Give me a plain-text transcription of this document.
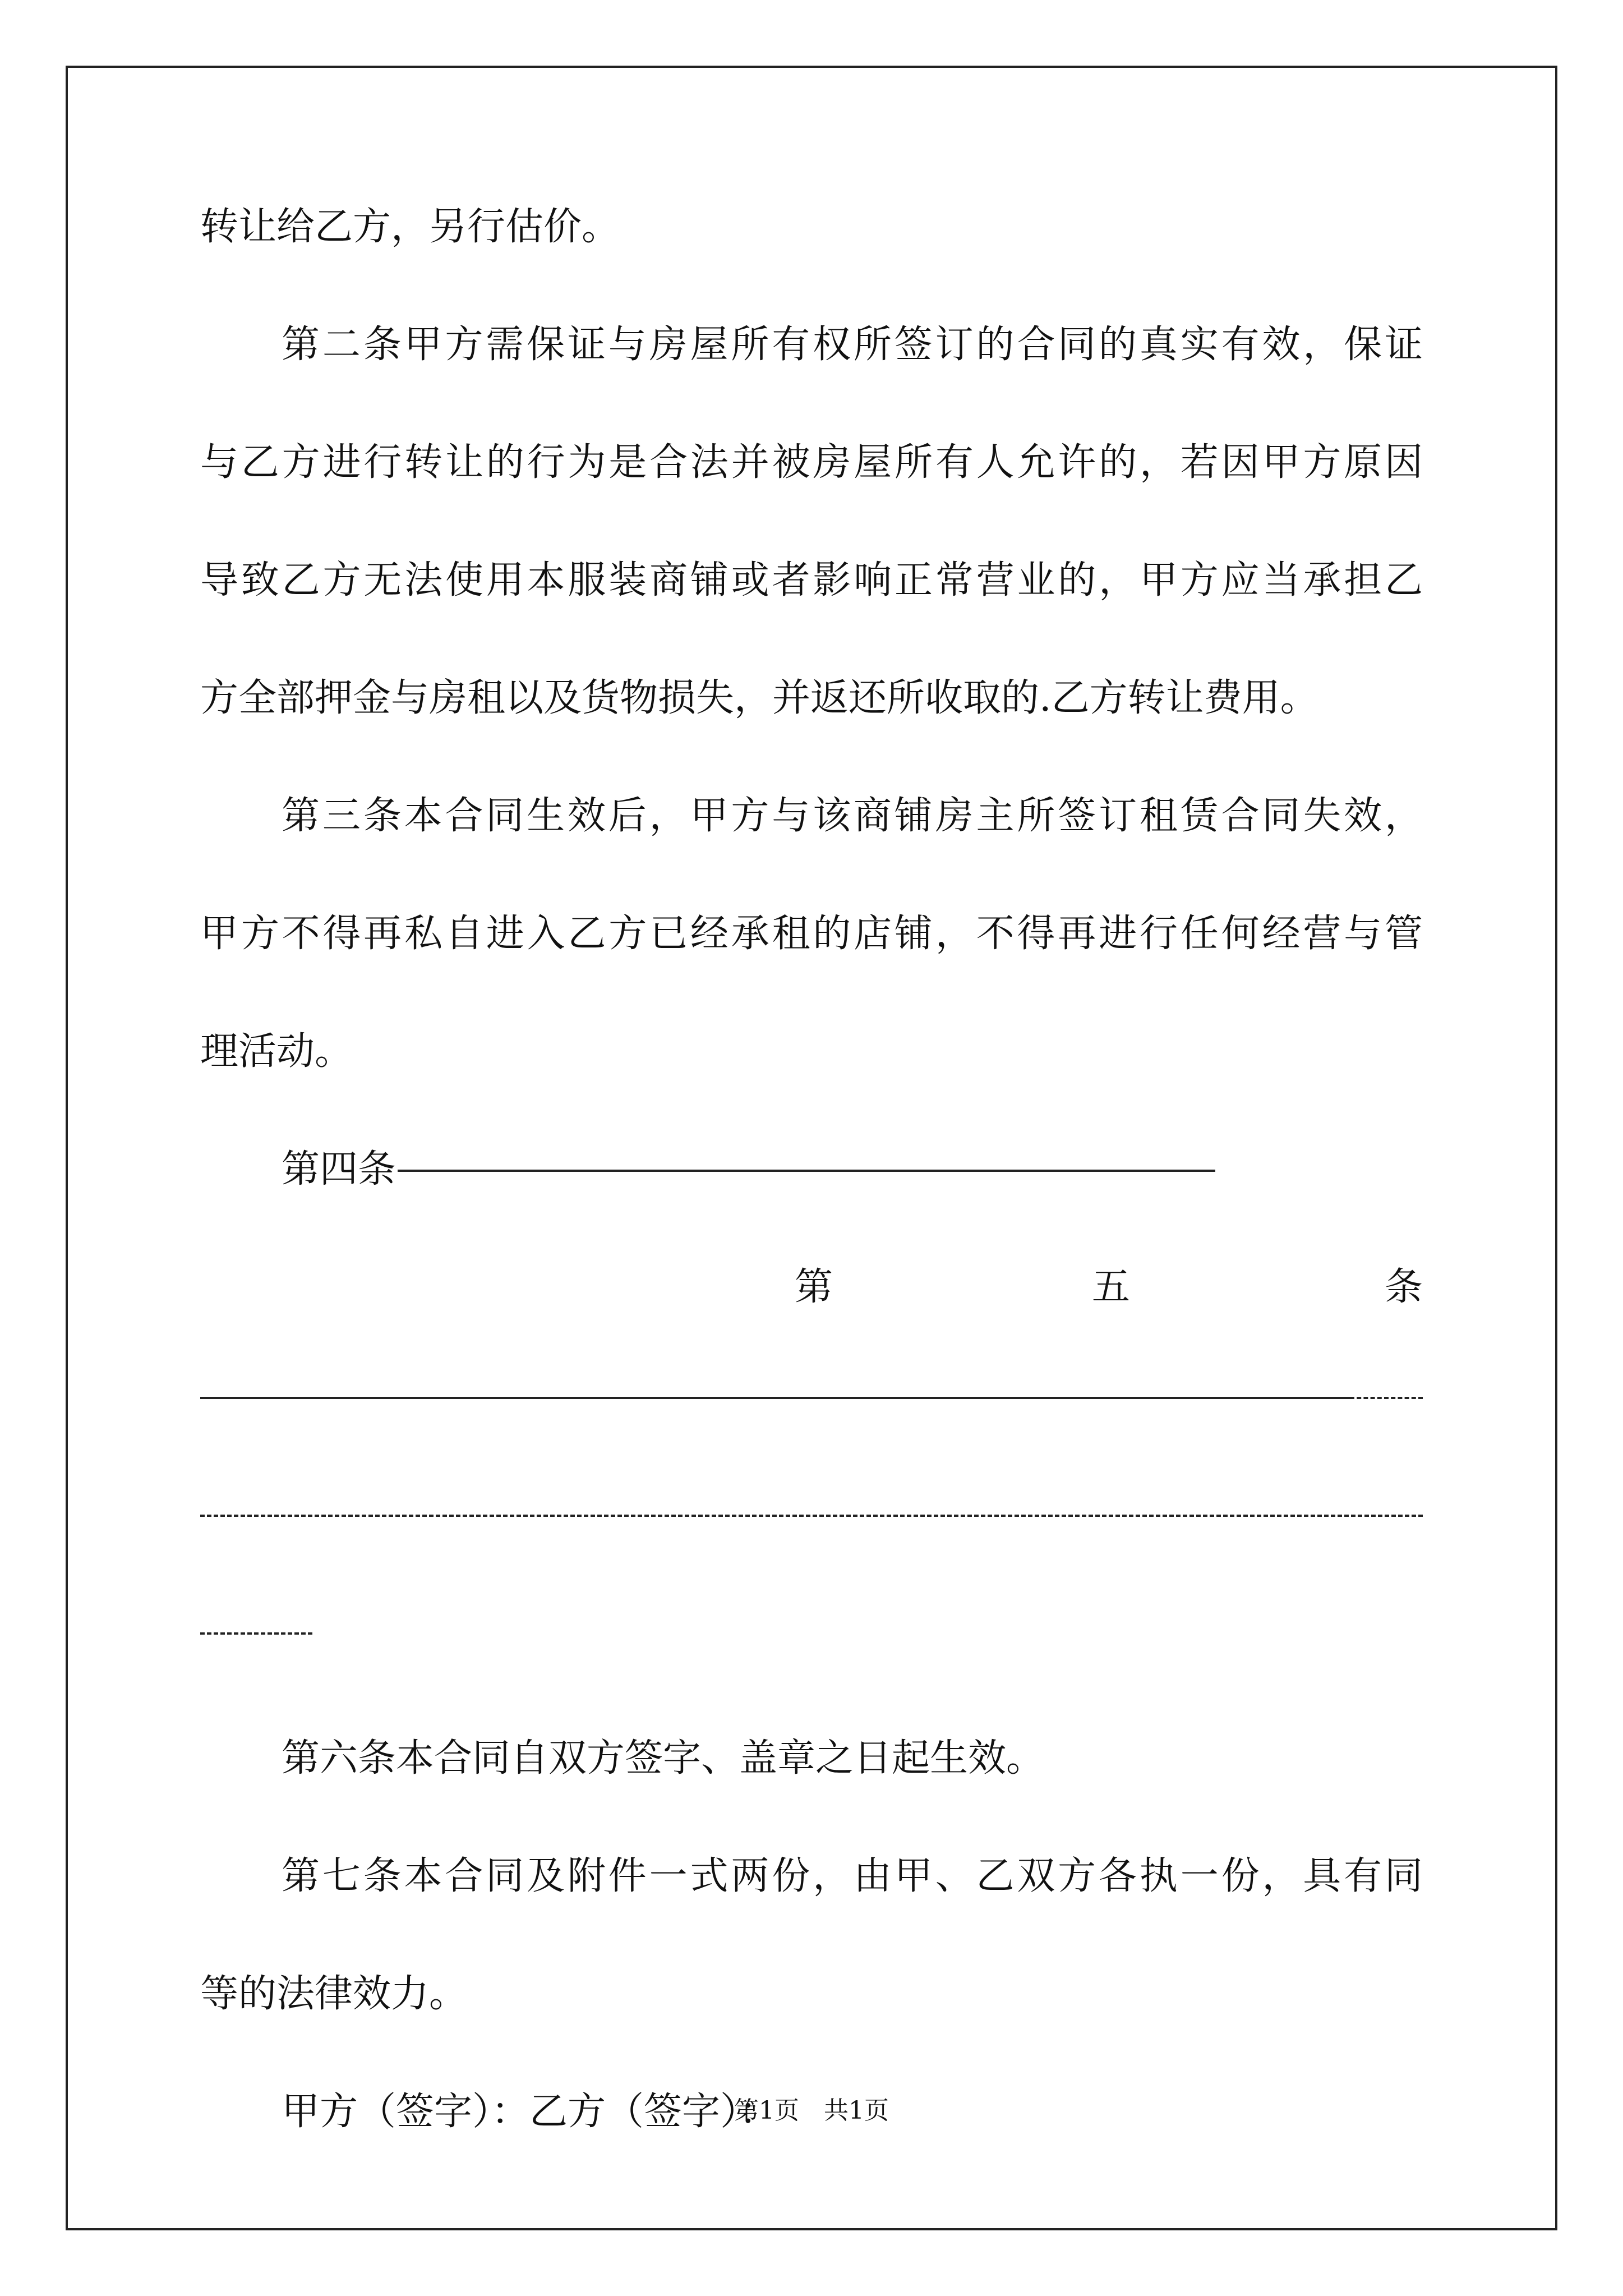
转让给乙方，另行估价。
第二条甲方需保证与房屋所有权所签订的合同的真实有效，保证
与乙方进行转让的行为是合法并被房屋所有人允许的，若因甲方原因
导致乙方无法使用本服装商铺或者影响正常营业的，甲方应当承担乙
方全部押金与房租以及货物损失，并返还所收取的.乙方转让费用。
第三条本合同生效后，甲方与该商铺房主所签订租赁合同失效，
甲方不得再私自进入乙方已经承租的店铺，不得再进行任何经营与管
理活动。
第四条
第	五	条
第六条本合同自双方签字、盖章之日起生效。
第七条本合同及附件一式两份，由甲、乙双方各执一份，具有同
等的法律效力。
甲方（签字）：乙方（签字）：
第1页　共1页
